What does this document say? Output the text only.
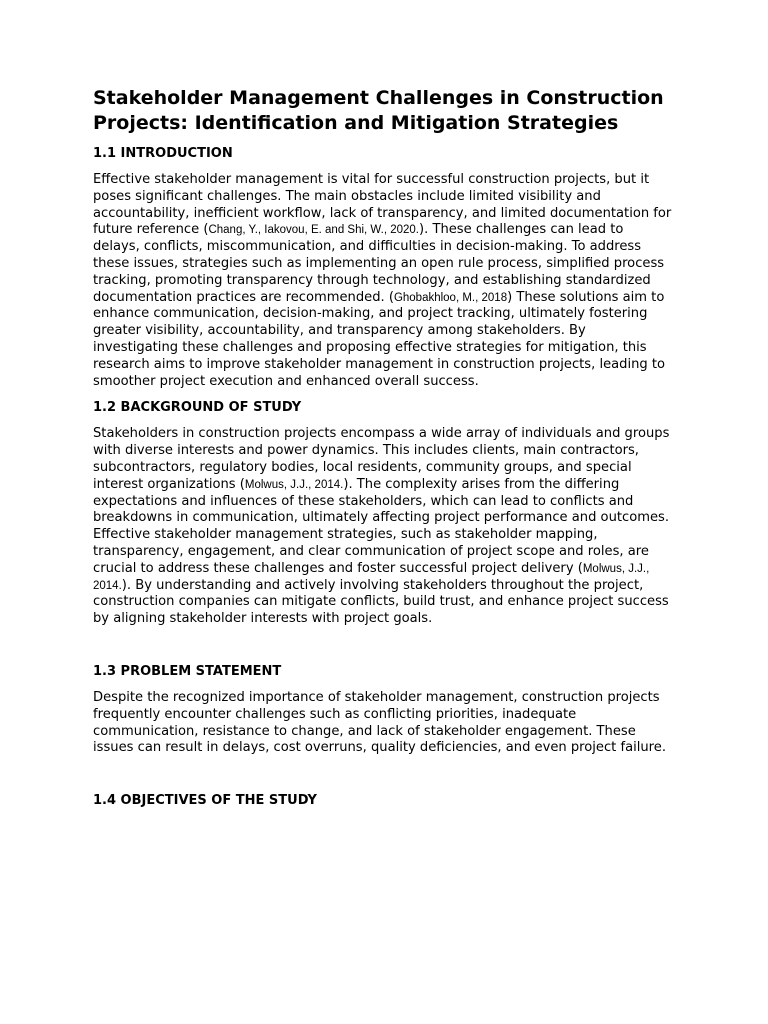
Stakeholder Management Challenges in Construction Projects: Identification and Mitigation Strategies
1.1 INTRODUCTION

Effective stakeholder management is vital for successful construction projects, but it poses significant challenges. The main obstacles include limited visibility and accountability, inefficient workflow, lack of transparency, and limited documentation for future reference (Chang, Y., Iakovou, E. and Shi, W., 2020.). These challenges can lead to delays, conflicts, miscommunication, and difficulties in decision-making. To address these issues, strategies such as implementing an open rule process, simplified process tracking, promoting transparency through technology, and establishing standardized documentation practices are recommended. (Ghobakhloo, M., 2018) These solutions aim to enhance communication, decision-making, and project tracking, ultimately fostering greater visibility, accountability, and transparency among stakeholders. By investigating these challenges and proposing effective strategies for mitigation, this research aims to improve stakeholder management in construction projects, leading to smoother project execution and enhanced overall success.

1.2 BACKGROUND OF STUDY

Stakeholders in construction projects encompass a wide array of individuals and groups with diverse interests and power dynamics. This includes clients, main contractors, subcontractors, regulatory bodies, local residents, community groups, and special interest organizations (Molwus, J.J., 2014.). The complexity arises from the differing expectations and influences of these stakeholders, which can lead to conflicts and breakdowns in communication, ultimately affecting project performance and outcomes. Effective stakeholder management strategies, such as stakeholder mapping, transparency, engagement, and clear communication of project scope and roles, are crucial to address these challenges and foster successful project delivery (Molwus, J.J., 2014.). By understanding and actively involving stakeholders throughout the project, construction companies can mitigate conflicts, build trust, and enhance project success by aligning stakeholder interests with project goals.

1.3 PROBLEM STATEMENT

Despite the recognized importance of stakeholder management, construction projects frequently encounter challenges such as conflicting priorities, inadequate communication, resistance to change, and lack of stakeholder engagement. These issues can result in delays, cost overruns, quality deficiencies, and even project failure.

1.4 OBJECTIVES OF THE STUDY
